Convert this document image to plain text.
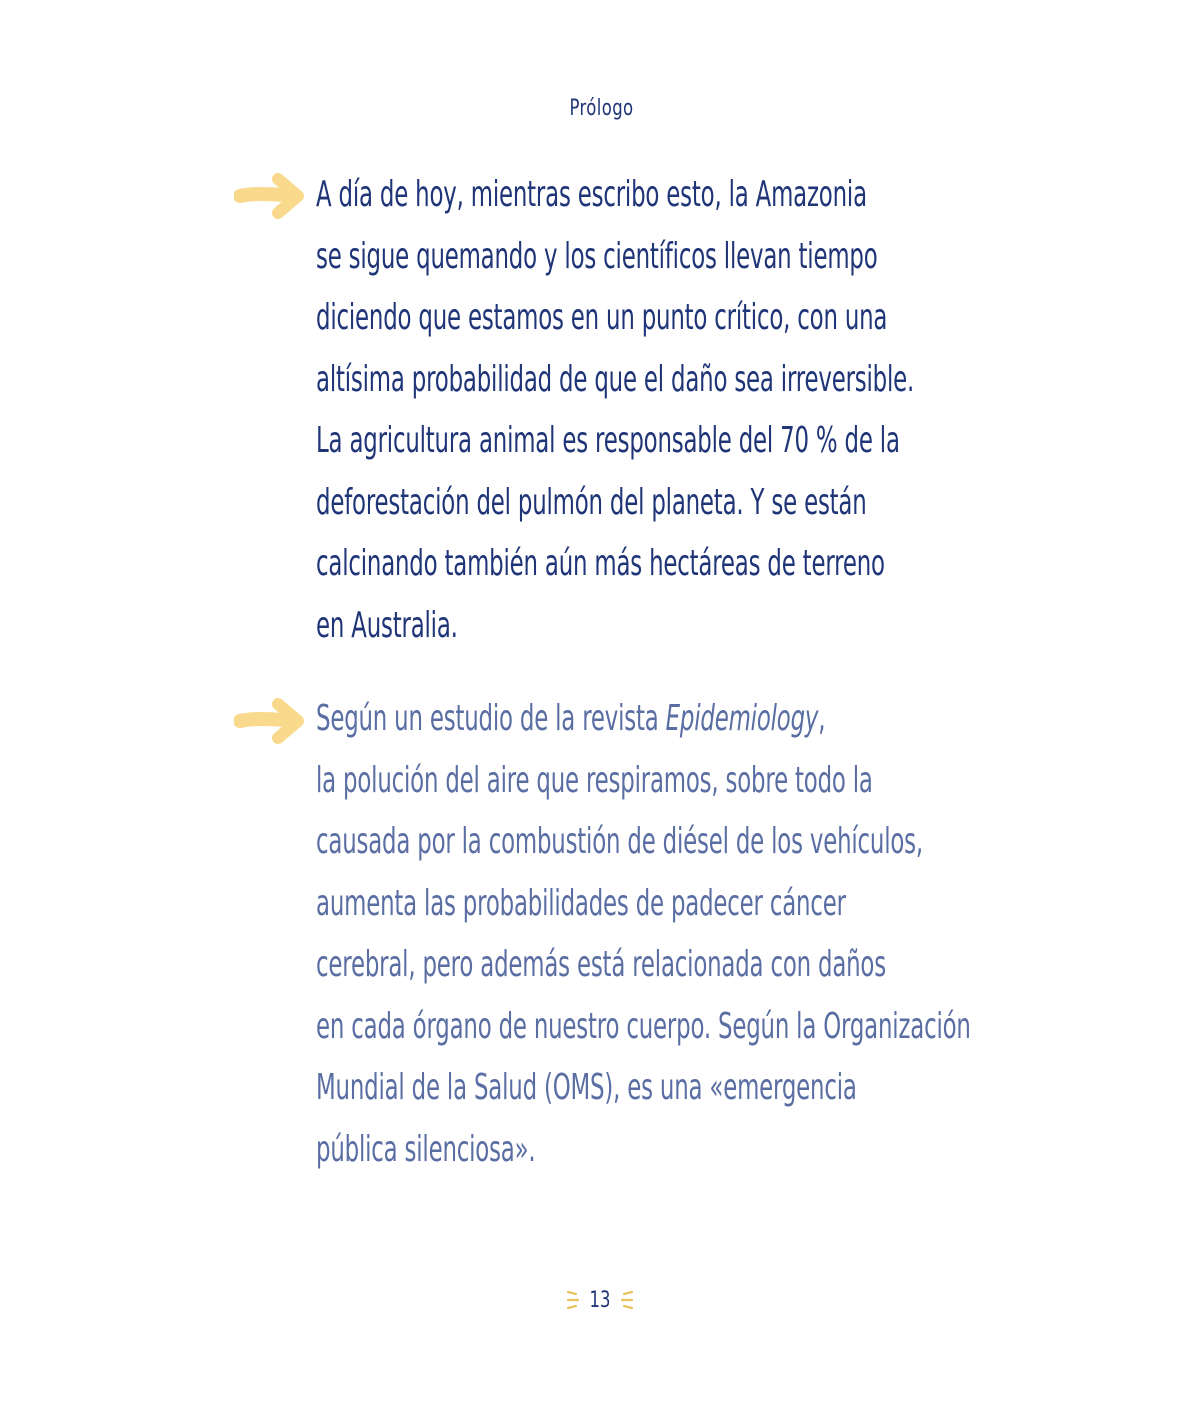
Prólogo
A día de hoy, mientras escribo esto, la Amazonia
se sigue quemando y los científicos llevan tiempo
diciendo que estamos en un punto crítico, con una
altísima probabilidad de que el daño sea irreversible.
La agricultura animal es responsable del 70 % de la
deforestación del pulmón del planeta. Y se están
calcinando también aún más hectáreas de terreno
en Australia.
Según un estudio de la revista Epidemiology,
la polución del aire que respiramos, sobre todo la
causada por la combustión de diésel de los vehículos,
aumenta las probabilidades de padecer cáncer
cerebral, pero además está relacionada con daños
en cada órgano de nuestro cuerpo. Según la Organización
Mundial de la Salud (OMS), es una «emergencia
pública silenciosa».
13
